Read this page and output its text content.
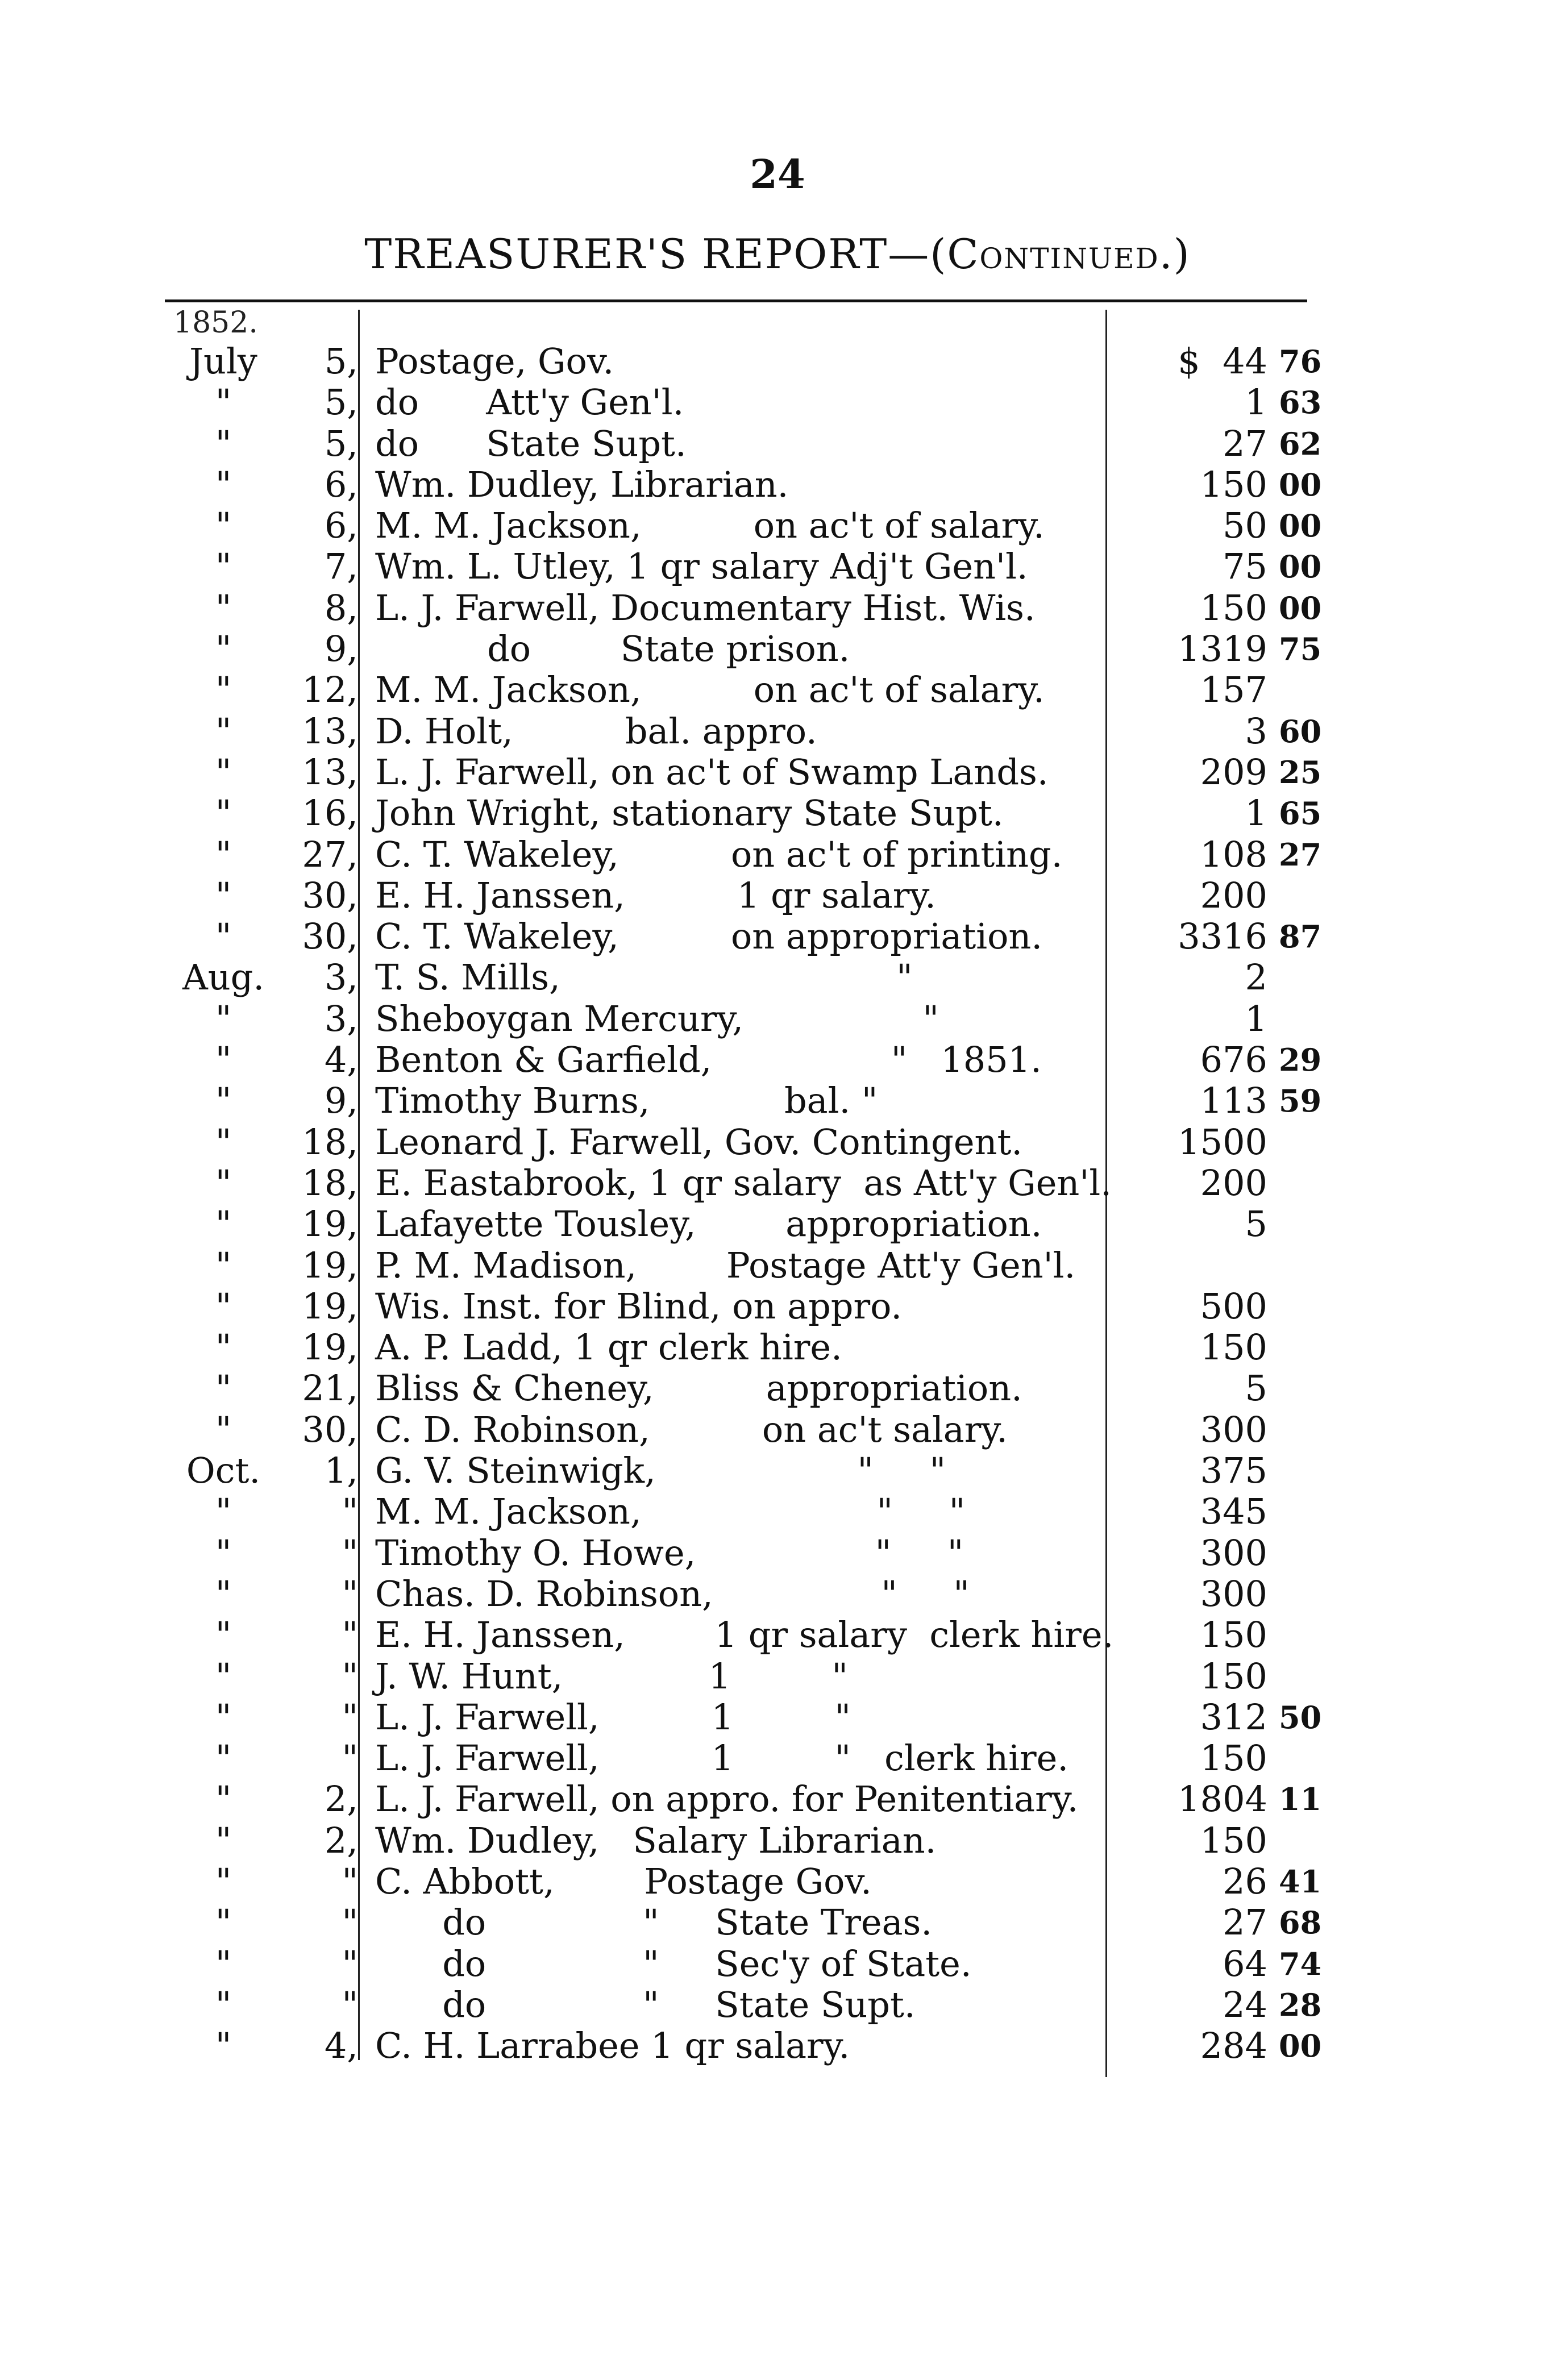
24
TREASURER'S REPORT—(Continued.)
1852.
July	5, Postage, Gov.	$  44 76
"	5, do      Att'y Gen'l.	1 63
"	5, do      State Supt.	27 62
"	6, Wm. Dudley, Librarian.	150 00
"	6, M. M. Jackson,          on ac't of salary.	50 00
"	7, Wm. L. Utley, 1 qr salary Adj't Gen'l.	75 00
"	8, L. J. Farwell, Documentary Hist. Wis.	150 00
"	9, do        State prison.	1319 75
"	12, M. M. Jackson,          on ac't of salary.	157
"	13, D. Holt,          bal. appro.	3 60
"	13, L. J. Farwell, on ac't of Swamp Lands.	209 25
"	16, John Wright, stationary State Supt.	1 65
"	27, C. T. Wakeley,          on ac't of printing.	108 27
"	30, E. H. Janssen,          1 qr salary.	200
"	30, C. T. Wakeley,          on appropriation.	3316 87
Aug.	3, T. S. Mills,                              "	2
"	3, Sheboygan Mercury,                "	1
"	4, Benton & Garfield,                "   1851.	676 29
"	9, Timothy Burns,            bal. "	113 59
"	18, Leonard J. Farwell, Gov. Contingent.	1500
"	18, E. Eastabrook, 1 qr salary  as Att'y Gen'l.	200
"	19, Lafayette Tousley,        appropriation.	5
"	19, P. M. Madison,        Postage Att'y Gen'l.
"	19, Wis. Inst. for Blind, on appro.	500
"	19, A. P. Ladd, 1 qr clerk hire.	150
"	21, Bliss & Cheney,          appropriation.	5
"	30, C. D. Robinson,          on ac't salary.	300
Oct.	1, G. V. Steinwigk,                  "     "	375
"	" M. M. Jackson,                     "     "	345
"	" Timothy O. Howe,                "     "	300
"	" Chas. D. Robinson,               "     "	300
"	" E. H. Janssen,        1 qr salary  clerk hire.	150
"	" J. W. Hunt,             1         "	150
"	" L. J. Farwell,          1         "	312 50
"	" L. J. Farwell,          1         "   clerk hire.	150
"	2, L. J. Farwell, on appro. for Penitentiary.	1804 11
"	2, Wm. Dudley,   Salary Librarian.	150
"	" C. Abbott,        Postage Gov.	26 41
"	" do              "     State Treas.	27 68
"	" do              "     Sec'y of State.	64 74
"	" do              "     State Supt.	24 28
"	4, C. H. Larrabee 1 qr salary.	284 00
